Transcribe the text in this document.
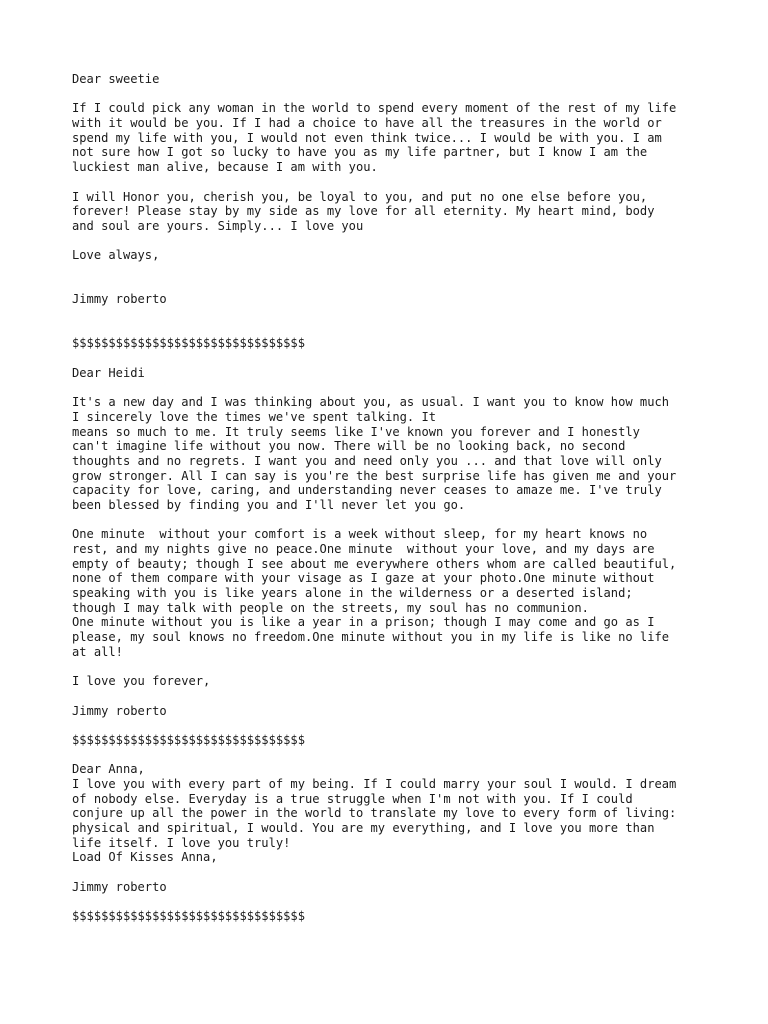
Dear sweetie
If I could pick any woman in the world to spend every moment of the rest of my life
with it would be you. If I had a choice to have all the treasures in the world or
spend my life with you, I would not even think twice... I would be with you. I am
not sure how I got so lucky to have you as my life partner, but I know I am the
luckiest man alive, because I am with you.
I will Honor you, cherish you, be loyal to you, and put no one else before you,
forever! Please stay by my side as my love for all eternity. My heart mind, body
and soul are yours. Simply... I love you
Love always,
Jimmy roberto
$$$$$$$$$$$$$$$$$$$$$$$$$$$$$$$$
Dear Heidi
It's a new day and I was thinking about you, as usual. I want you to know how much
I sincerely love the times we've spent talking. It
means so much to me. It truly seems like I've known you forever and I honestly
can't imagine life without you now. There will be no looking back, no second
thoughts and no regrets. I want you and need only you ... and that love will only
grow stronger. All I can say is you're the best surprise life has given me and your
capacity for love, caring, and understanding never ceases to amaze me. I've truly
been blessed by finding you and I'll never let you go.
One minute  without your comfort is a week without sleep, for my heart knows no
rest, and my nights give no peace.One minute  without your love, and my days are
empty of beauty; though I see about me everywhere others whom are called beautiful,
none of them compare with your visage as I gaze at your photo.One minute without
speaking with you is like years alone in the wilderness or a deserted island;
though I may talk with people on the streets, my soul has no communion.
One minute without you is like a year in a prison; though I may come and go as I
please, my soul knows no freedom.One minute without you in my life is like no life
at all!
I love you forever,
Jimmy roberto
$$$$$$$$$$$$$$$$$$$$$$$$$$$$$$$$
Dear Anna,
I love you with every part of my being. If I could marry your soul I would. I dream
of nobody else. Everyday is a true struggle when I'm not with you. If I could
conjure up all the power in the world to translate my love to every form of living:
physical and spiritual, I would. You are my everything, and I love you more than
life itself. I love you truly!
Load Of Kisses Anna,
Jimmy roberto
$$$$$$$$$$$$$$$$$$$$$$$$$$$$$$$$
